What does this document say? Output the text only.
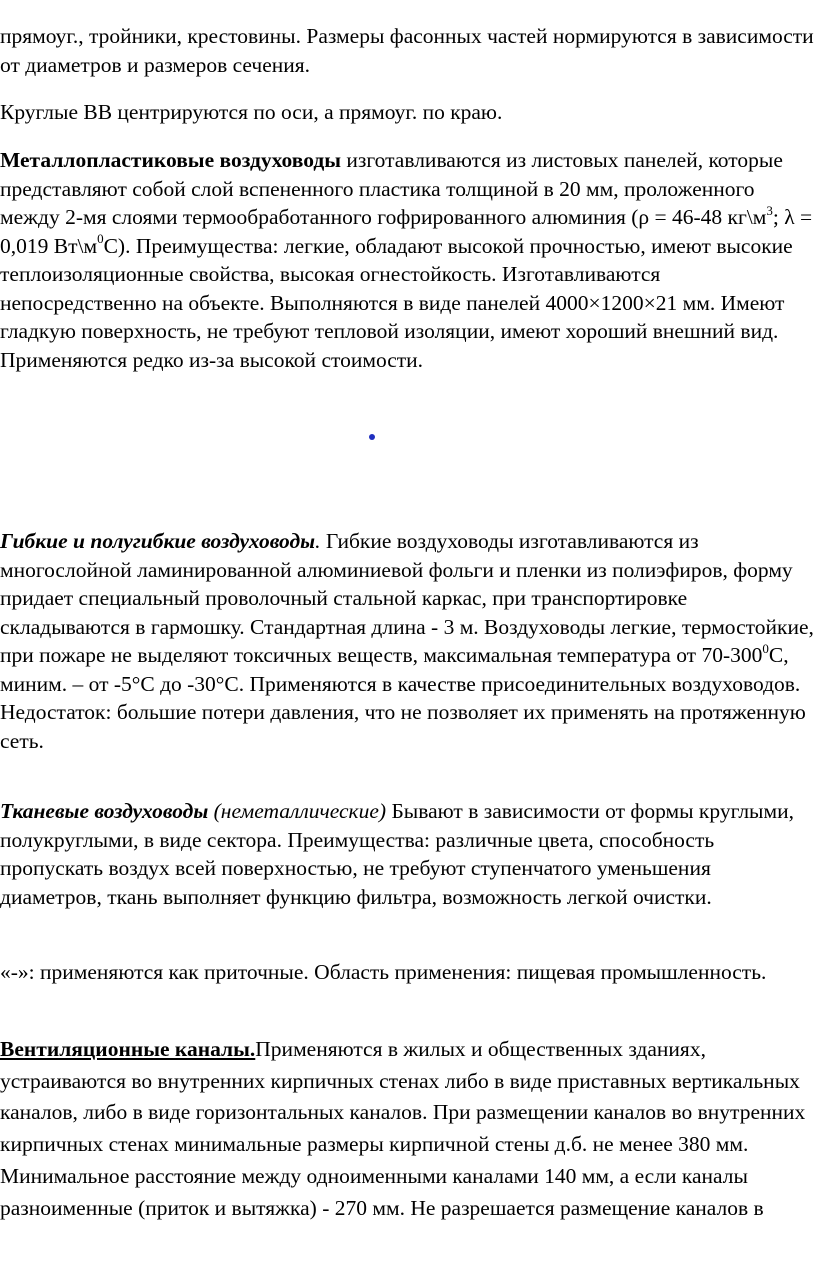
прямоуг., тройники, крестовины. Размеры фасонных частей нормируются в зависимости от диаметров и размеров сечения.

Круглые ВВ центрируются по оси, а прямоуг. по краю.

Металлопластиковые воздуховоды изготавливаются из листовых панелей, которые представляют собой слой вспененного пластика толщиной в 20 мм, проложенного между 2-мя слоями термообработанного гофрированного алюминия (ρ = 46-48 $кг\backslash м^3$; λ = 0,019 $Вт\backslash м^0С$). Преимущества: легкие, обладают высокой прочностью, имеют высокие теплоизоляционные свойства, высокая огнестойкость. Изготавливаются непосредственно на объекте. Выполняются в виде панелей 4000×1200×21 мм. Имеют гладкую поверхность, не требуют тепловой изоляции, имеют хороший внешний вид. Применяются редко из-за высокой стоимости.

Гибкие и полугибкие воздуховоды. Гибкие воздуховоды изготавливаются из многослойной ламинированной алюминиевой фольги и пленки из полиэфиров, форму придает специальный проволочный стальной каркас, при транспортировке складываются в гармошку. Стандартная длина - 3 м. Воздуховоды легкие, термостойкие, при пожаре не выделяют токсичных веществ, максимальная температура от $70-300^0С$, миним. – от -5°С до -30°С. Применяются в качестве присоединительных воздуховодов. Недостаток: большие потери давления, что не позволяет их применять на протяженную сеть.

Тканевые воздуховоды (неметаллические) Бывают в зависимости от формы круглыми, полукруглыми, в виде сектора. Преимущества: различные цвета, способность пропускать воздух всей поверхностью, не требуют ступенчатого уменьшения диаметров, ткань выполняет функцию фильтра, возможность легкой очистки.

«-»: применяются как приточные. Область применения: пищевая промышленность.

Вентиляционные каналы.Применяются в жилых и общественных зданиях, устраиваются во внутренних кирпичных стенах либо в виде приставных вертикальных каналов, либо в виде горизонтальных каналов. При размещении каналов во внутренних кирпичных стенах минимальные размеры кирпичной стены д.б. не менее 380 мм. Минимальное расстояние между одноименными каналами 140 мм, а если каналы разноименные (приток и вытяжка) - 270 мм. Не разрешается размещение каналов в
